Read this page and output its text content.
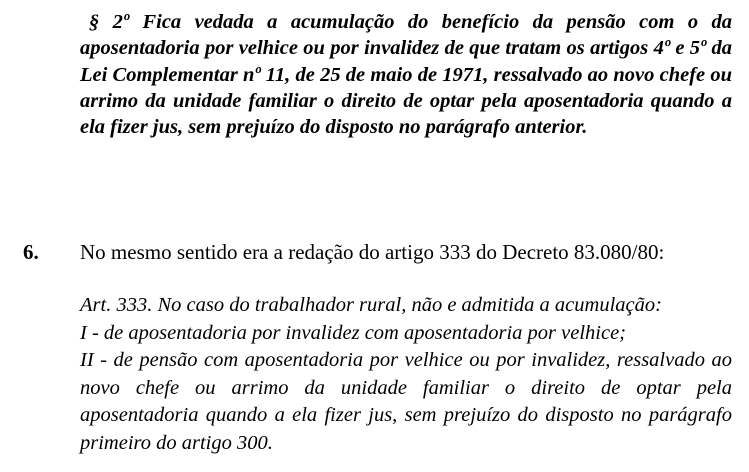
§ 2º Fica vedada a acumulação do benefício da pensão com o da aposentadoria por velhice ou por invalidez de que tratam os artigos 4º e 5º da Lei Complementar nº 11, de 25 de maio de 1971, ressalvado ao novo chefe ou arrimo da unidade familiar o direito de optar pela aposentadoria quando a ela fizer jus, sem prejuízo do disposto no parágrafo anterior.

6. No mesmo sentido era a redação do artigo 333 do Decreto 83.080/80:

Art. 333. No caso do trabalhador rural, não e admitida a acumulação:

I - de aposentadoria por invalidez com aposentadoria por velhice;

II - de pensão com aposentadoria por velhice ou por invalidez, ressalvado ao novo chefe ou arrimo da unidade familiar o direito de optar pela aposentadoria quando a ela fizer jus, sem prejuízo do disposto no parágrafo primeiro do artigo 300.
